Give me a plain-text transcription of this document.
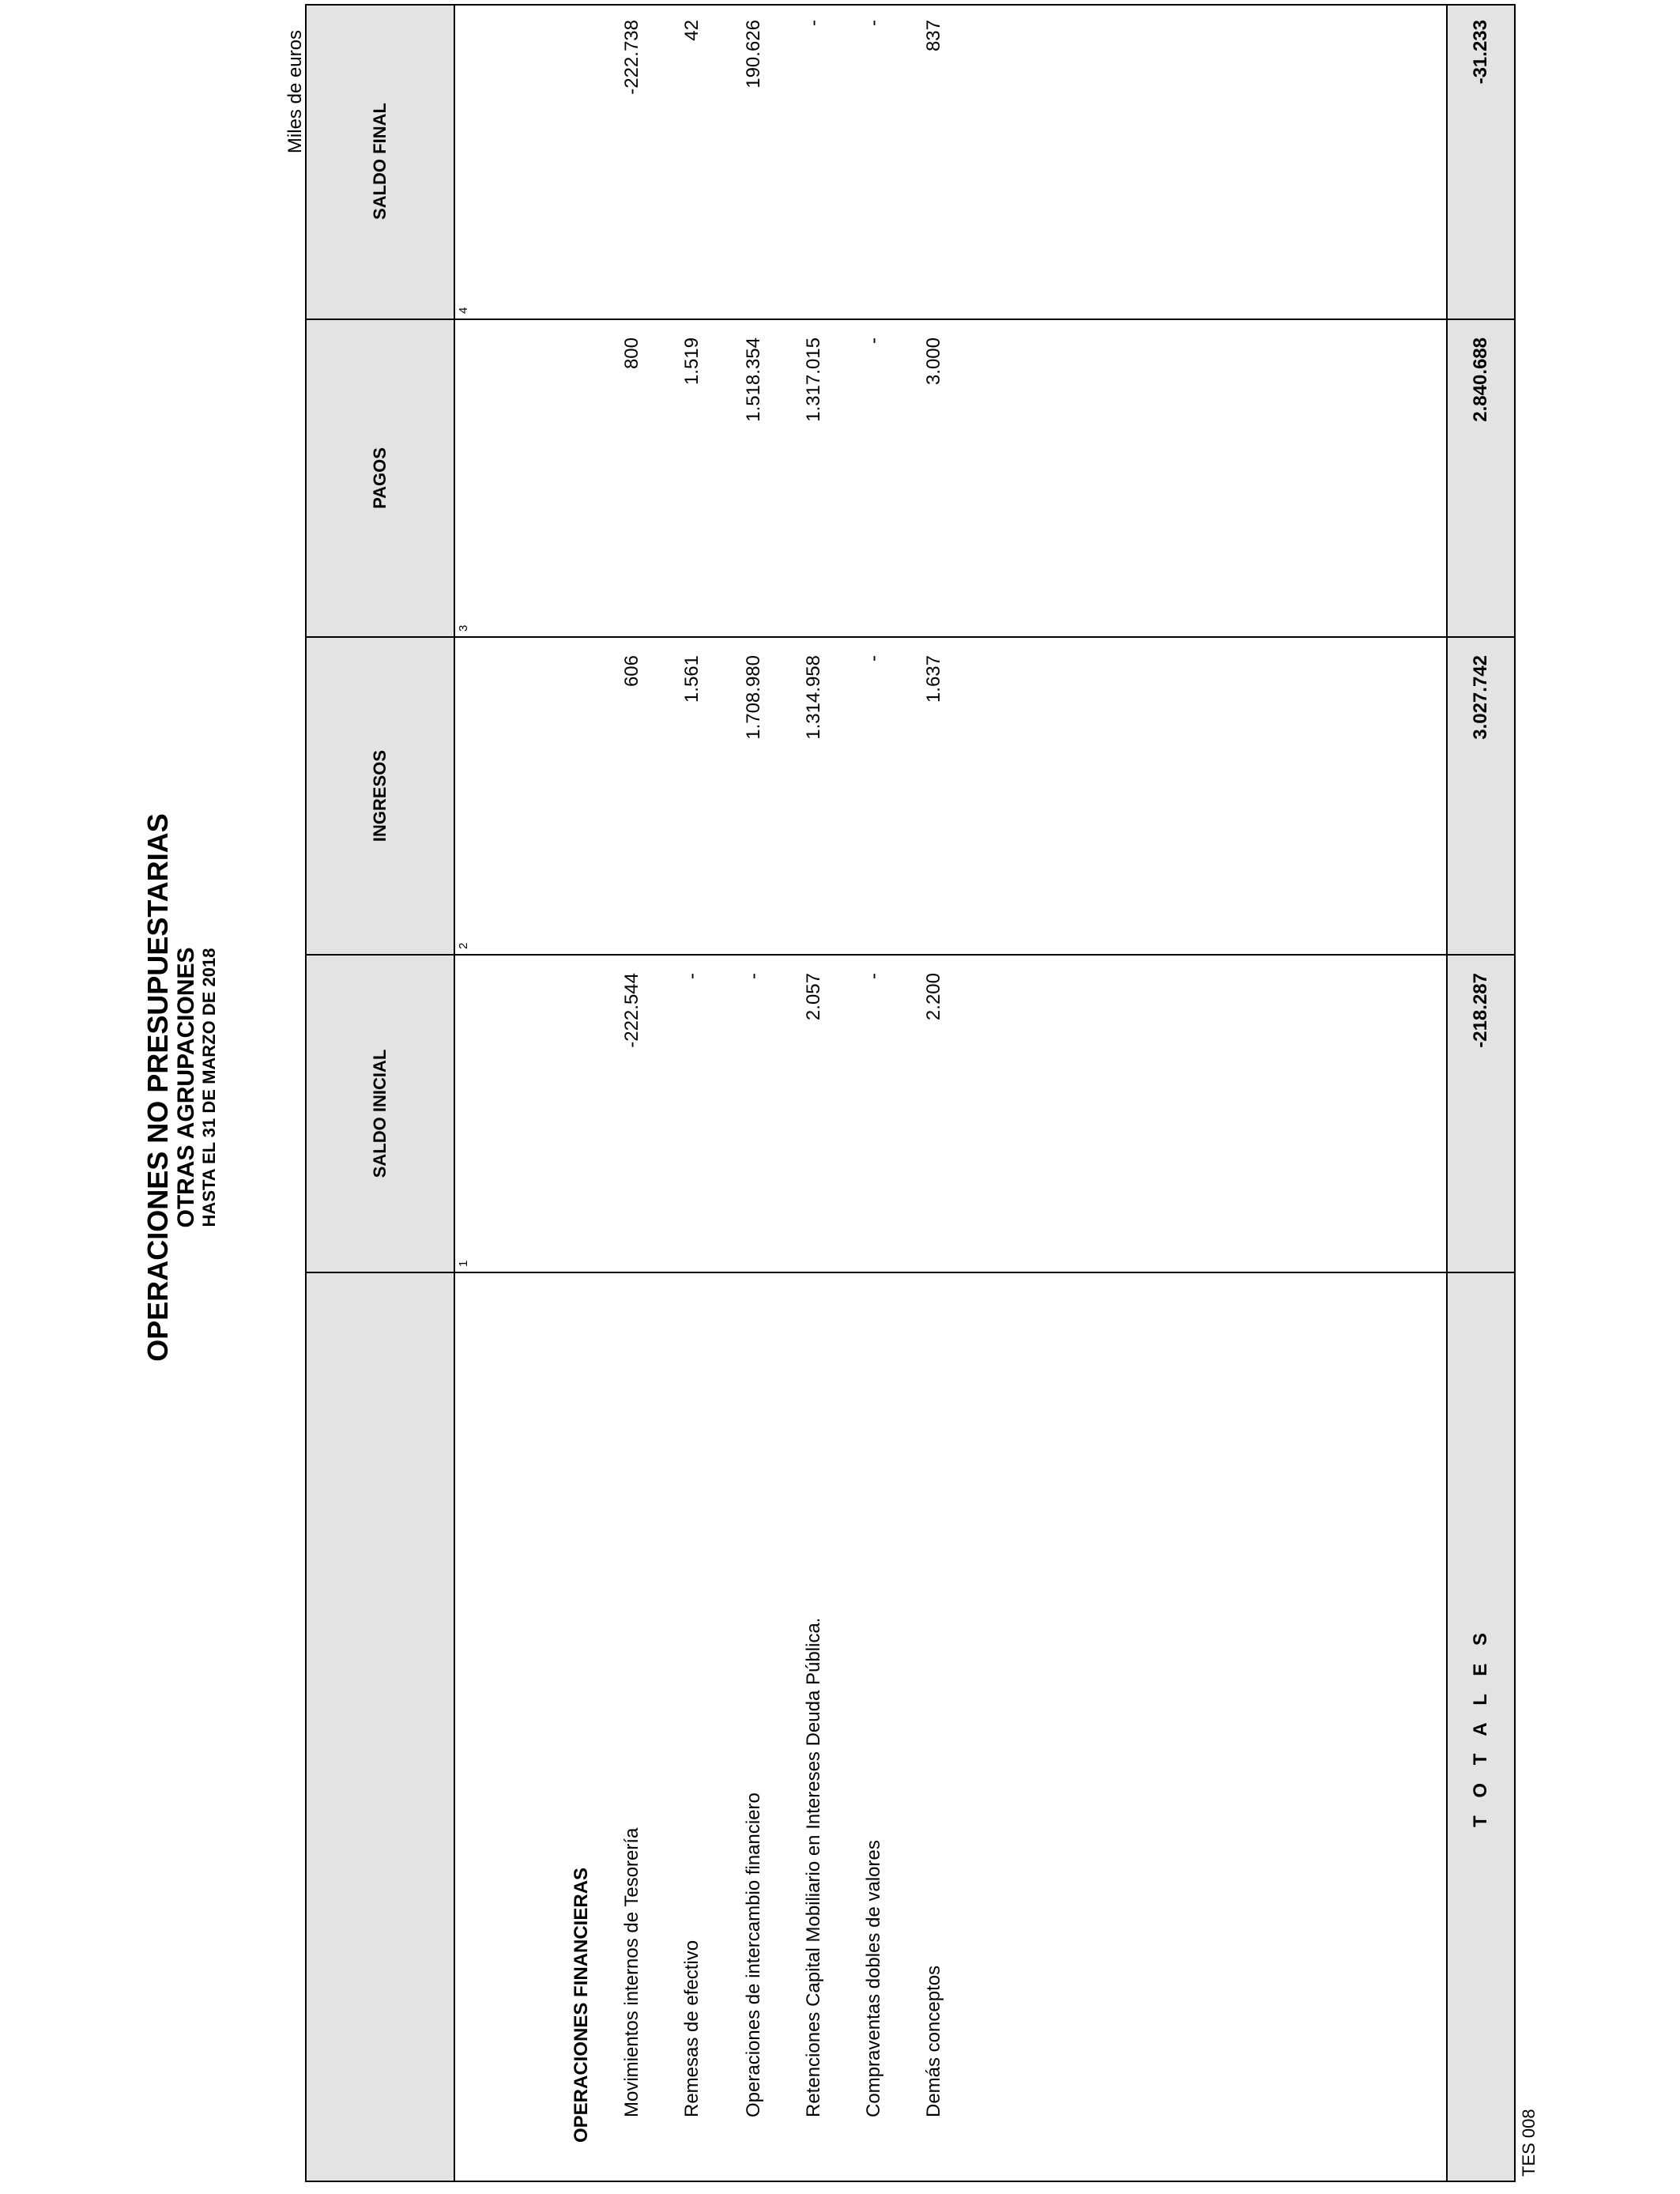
OPERACIONES NO PRESUPUESTARIAS OTRAS AGRUPACIONES HASTA EL 31 DE MARZO DE 2018
Miles de euros
TES 008
SALDO INICIAL
INGRESOS
PAGOS
SALDO FINAL
1
2
3
4
OPERACIONES FINANCIERAS Movimientos internos de Tesorería
-222.544
606
800
-222.738
Remesas de efectivo
-
1.561
1.519
42
Operaciones de intercambio financiero
-
1.708.980
1.518.354
190.626
Retenciones Capital Mobiliario en Intereses Deuda Pública.
2.057
1.314.958
1.317.015
-
Compraventas dobles de valores
-
-
-
-
Demás conceptos
2.200
1.637
3.000
837
T O T A L E S
-218.287
3.027.742
2.840.688
-31.233
